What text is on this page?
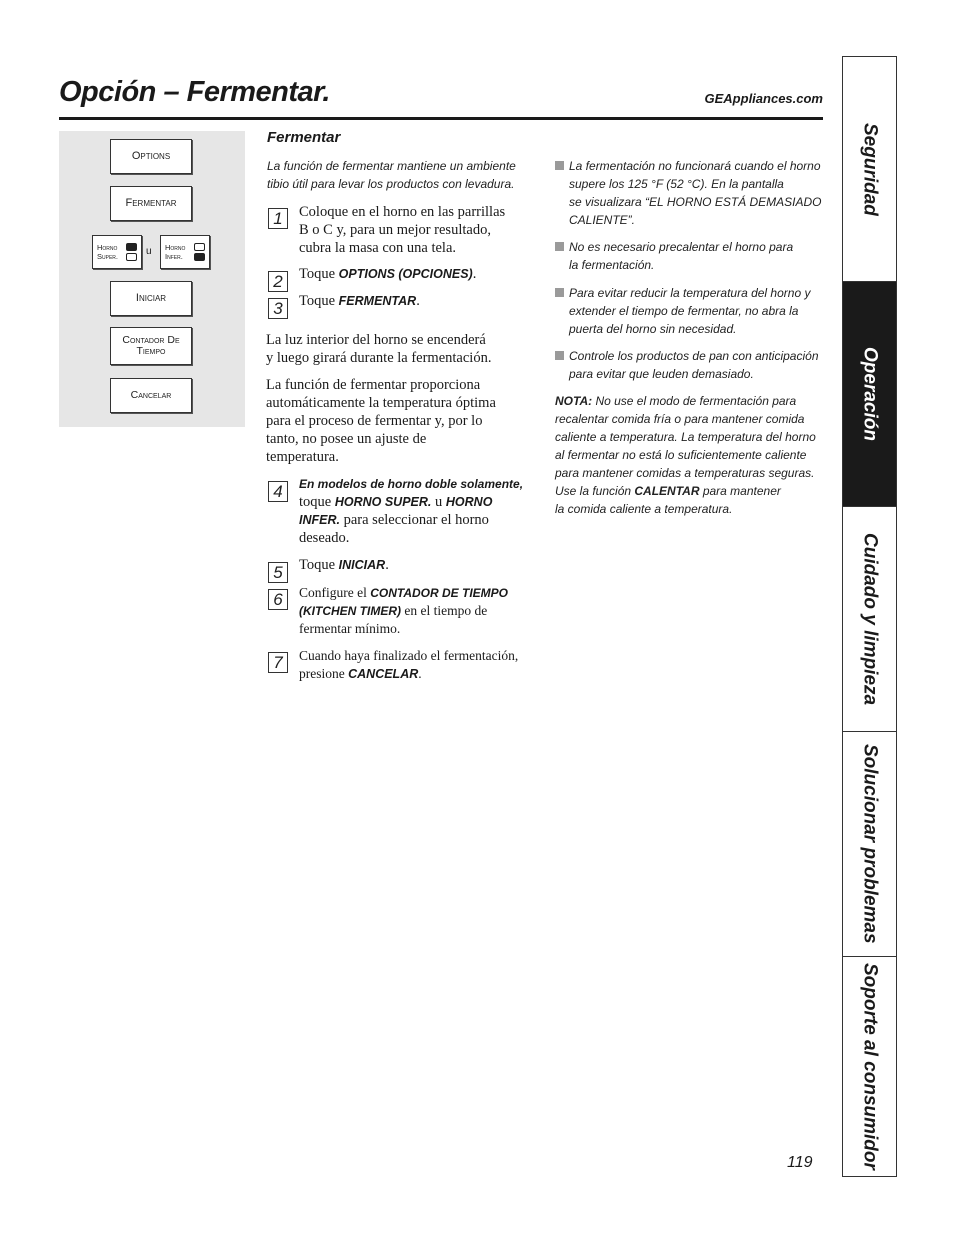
Opción – Fermentar.	GEAppliances.com
Options
Fermentar
Horno
Super.	u Horno
Infer.
Iniciar
Contador De
Tiempo
Cancelar
Fermentar
La función de fermentar mantiene un ambiente
tibio útil para levar los productos con levadura.
1	Coloque en el horno en las parrillas
B o C y, para un mejor resultado,
cubra la masa con una tela.
2	Toque OPTIONS (OPCIONES).
3	Toque FERMENTAR.
La luz interior del horno se encenderá
y luego girará durante la fermentación.
La función de fermentar proporciona
automáticamente la temperatura óptima
para el proceso de fermentar y, por lo
tanto, no posee un ajuste de
temperatura.
4	En modelos de horno doble solamente,
toque HORNO SUPER. u HORNO
INFER. para seleccionar el horno
deseado.
5	Toque INICIAR.
6	Configure el CONTADOR DE TIEMPO
(KITCHEN TIMER) en el tiempo de
fermentar mínimo.
7	Cuando haya finalizado el fermentación,
presione CANCELAR.
La fermentación no funcionará cuando el horno
supere los 125 °F (52 °C). En la pantalla
se visualizara “EL HORNO ESTÁ DEMASIADO
CALIENTE”.
No es necesario precalentar el horno para
la fermentación.
Para evitar reducir la temperatura del horno y
extender el tiempo de fermentar, no abra la
puerta del horno sin necesidad.
Controle los productos de pan con anticipación
para evitar que leuden demasiado.
NOTA: No use el modo de fermentación para
recalentar comida fría o para mantener comida
caliente a temperatura. La temperatura del horno
al fermentar no está lo suficientemente caliente
para mantener comidas a temperaturas seguras.
Use la función CALENTAR para mantener
la comida caliente a temperatura.
Seguridad
Operación
Cuidado y limpieza
Solucionar problemas
Soporte al consumidor
119
